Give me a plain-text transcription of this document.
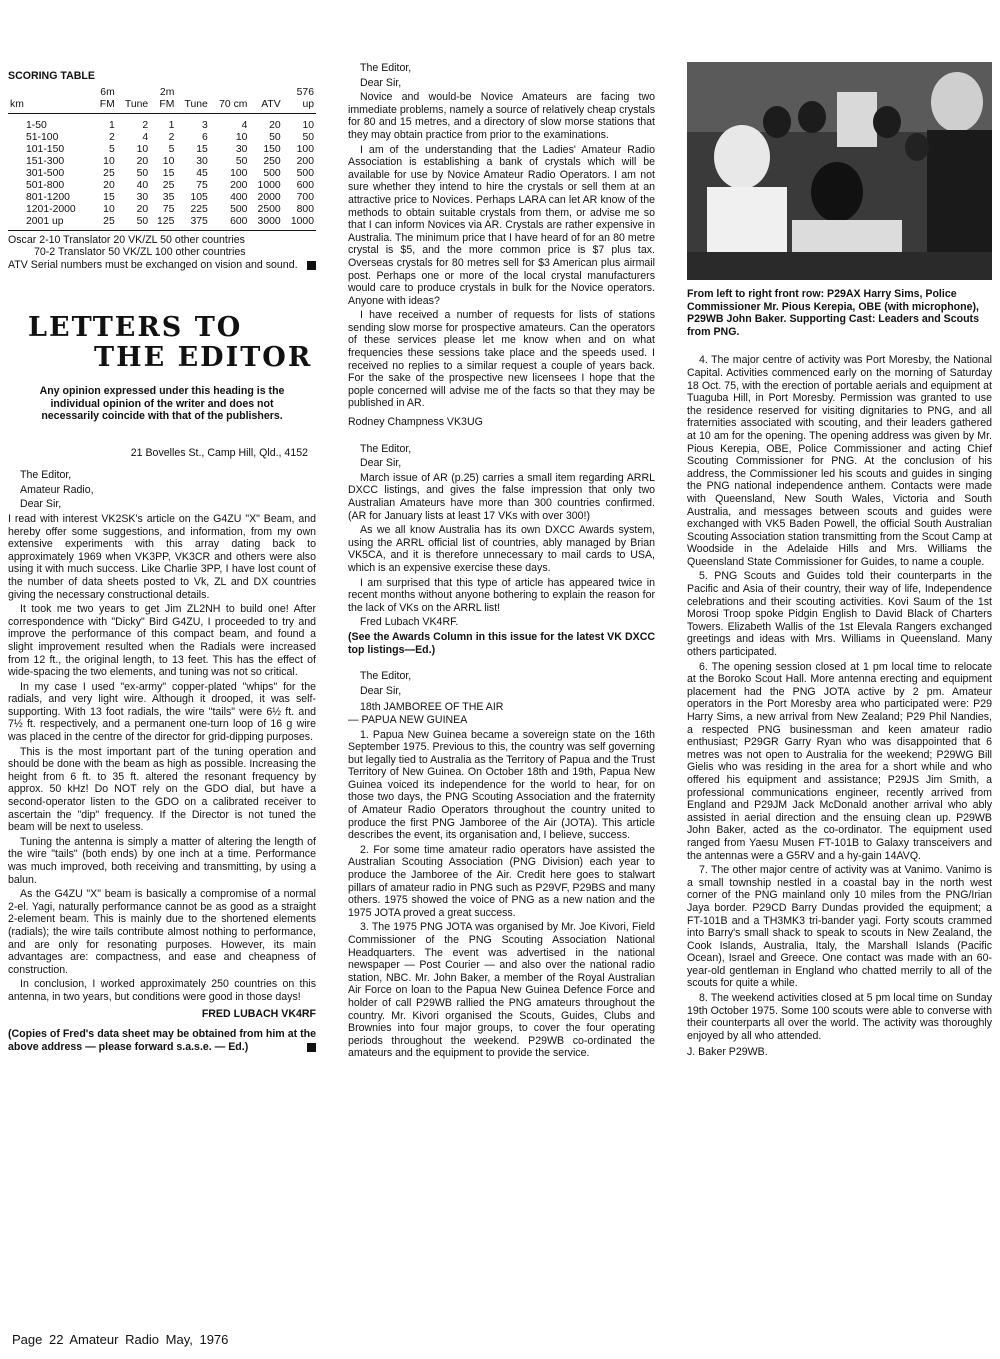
SCORING TABLE
	6m		2m				576
km	FM	Tune	FM	Tune	70 cm	ATV	up
1-50	1	2	1	3	4	20	10
51-100	2	4	2	6	10	50	50
101-150	5	10	5	15	30	150	100
151-300	10	20	10	30	50	250	200
301-500	25	50	15	45	100	500	500
501-800	20	40	25	75	200	1000	600
801-1200	15	30	35	105	400	2000	700
1201-2000	10	20	75	225	500	2500	800
2001 up	25	50	125	375	600	3000	1000
Oscar 2-10 Translator 20 VK/ZL 50 other countries
70-2 Translator 50 VK/ZL 100 other countries
ATV Serial numbers must be exchanged on vision and sound.
LETTERS TO
THE EDITOR
Any opinion expressed under this heading is the individual opinion of the writer and does not necessarily coincide with that of the publishers.

21 Bovelles St., Camp Hill, Qld., 4152

The Editor,

Amateur Radio,

Dear Sir,

I read with interest VK2SK's article on the G4ZU "X" Beam, and hereby offer some suggestions, and information, from my own extensive experiments with this array dating back to approximately 1969 when VK3PP, VK3CR and others were also using it with much success. Like Charlie 3PP, I have lost count of the number of data sheets posted to Vk, ZL and DX countries giving the necessary constructional details.

It took me two years to get Jim ZL2NH to build one! After correspondence with "Dicky" Bird G4ZU, I proceeded to try and improve the performance of this compact beam, and found a slight improvement resulted when the Radials were increased from 12 ft., the original length, to 13 feet. This has the effect of wide-spacing the two elements, and tuning was not so critical.

In my case I used "ex-army" copper-plated "whips" for the radials, and very light wire. Although it drooped, it was self-supporting. With 13 foot radials, the wire "tails" were 6½ ft. and 7½ ft. respectively, and a permanent one-turn loop of 16 g wire was placed in the centre of the director for grid-dipping purposes.

This is the most important part of the tuning operation and should be done with the beam as high as possible. Increasing the height from 6 ft. to 35 ft. altered the resonant frequency by approx. 50 kHz! Do NOT rely on the GDO dial, but have a second-operator listen to the GDO on a calibrated receiver to ascertain the "dip" frequency. If the Director is not tuned the beam will be next to useless.

Tuning the antenna is simply a matter of altering the length of the wire "tails" (both ends) by one inch at a time. Performance was much improved, both receiving and transmitting, by using a balun.

As the G4ZU "X" beam is basically a compromise of a normal 2-el. Yagi, naturally performance cannot be as good as a straight 2-element beam. This is mainly due to the shortened elements (radials); the wire tails contribute almost nothing to performance, and are only for resonating purposes. However, its main advantages are: compactness, and ease and cheapness of construction.

In conclusion, I worked approximately 250 countries on this antenna, in two years, but conditions were good in those days!

FRED LUBACH VK4RF

(Copies of Fred's data sheet may be obtained from him at the above address — please forward s.a.s.e. — Ed.)

The Editor,

Dear Sir,

Novice and would-be Novice Amateurs are facing two immediate problems, namely a source of relatively cheap crystals for 80 and 15 metres, and a directory of slow morse stations that they may obtain practice from prior to the examinations.

I am of the understanding that the Ladies' Amateur Radio Association is establishing a bank of crystals which will be available for use by Novice Amateur Radio Operators. I am not sure whether they intend to hire the crystals or sell them at an attractive price to Novices. Perhaps LARA can let AR know of the methods to obtain suitable crystals from them, or advise me so that I can inform Novices via AR. Crystals are rather expensive in Australia. The minimum price that I have heard of for an 80 metre crystal is $5, and the more common price is $7 plus tax. Overseas crystals for 80 metres sell for $3 American plus airmail post. Perhaps one or more of the local crystal manufacturers would care to produce crystals in bulk for the Novice operators. Anyone with ideas?

I have received a number of requests for lists of stations sending slow morse for prospective amateurs. Can the operators of these services please let me know when and on what frequencies these sessions take place and the speeds used. I received no replies to a similar request a couple of years back. For the sake of the prospective new licensees I hope that the pople concerned will advise me of the facts so that they may be published in AR.

Rodney Champness VK3UG

The Editor,

Dear Sir,

March issue of AR (p.25) carries a small item regarding ARRL DXCC listings, and gives the false impression that only two Australian Amateurs have more than 300 countries confirmed. (AR for January lists at least 17 VKs with over 300!)

As we all know Australia has its own DXCC Awards system, using the ARRL official list of countries, ably managed by Brian VK5CA, and it is therefore unnecessary to mail cards to USA, which is an expensive exercise these days.

I am surprised that this type of article has appeared twice in recent months without anyone bothering to explain the reason for the lack of VKs on the ARRL list!

Fred Lubach VK4RF.

(See the Awards Column in this issue for the latest VK DXCC top listings—Ed.)

The Editor,

Dear Sir,

18th JAMBOREE OF THE AIR — PAPUA NEW GUINEA

1. Papua New Guinea became a sovereign state on the 16th September 1975. Previous to this, the country was self governing but legally tied to Australia as the Territory of Papua and the Trust Territory of New Guinea. On October 18th and 19th, Papua New Guinea voiced its independence for the world to hear, for on those two days, the PNG Scouting Association and the fraternity of Amateur Radio Operators throughout the country united to produce the first PNG Jamboree of the Air (JOTA). This article describes the event, its organisation and, I believe, success.

2. For some time amateur radio operators have assisted the Australian Scouting Association (PNG Division) each year to produce the Jamboree of the Air. Credit here goes to stalwart pillars of amateur radio in PNG such as P29VF, P29BS and many others. 1975 showed the voice of PNG as a new nation and the 1975 JOTA proved a great success.

3. The 1975 PNG JOTA was organised by Mr. Joe Kivori, Field Commissioner of the PNG Scouting Association National Headquarters. The event was advertised in the national newspaper — Post Courier — and also over the national radio station, NBC. Mr. John Baker, a member of the Royal Australian Air Force on loan to the Papua New Guinea Defence Force and holder of call P29WB rallied the PNG amateurs throughout the country. Mr. Kivori organised the Scouts, Guides, Clubs and Brownies into four major groups, to cover the four operating periods throughout the weekend. P29WB co-ordinated the amateurs and the equipment to provide the service.

From left to right front row: P29AX Harry Sims, Police Commissioner Mr. Pious Kerepia, OBE (with microphone), P29WB John Baker. Supporting Cast: Leaders and Scouts from PNG.

4. The major centre of activity was Port Moresby, the National Capital. Activities commenced early on the morning of Saturday 18 Oct. 75, with the erection of portable aerials and equipment at Tuaguba Hill, in Port Moresby. Permission was granted to use the residence reserved for visiting dignitaries to PNG, and all fraternities associated with scouting, and their leaders gathered at 10 am for the opening. The opening address was given by Mr. Pious Kerepia, OBE, Police Commissioner and acting Chief Scouting Commissioner for PNG. At the conclusion of his address, the Commissioner led his scouts and guides in singing the PNG national independence anthem. Contacts were made with Queensland, New South Wales, Victoria and South Australia, and messages between scouts and guides were exchanged with VK5 Baden Powell, the official South Australian Scouting Association station transmitting from the Scout Camp at Woodside in the Adelaide Hills and Mrs. Williams the Queensland State Commissioner for Guides, to name a couple.

5. PNG Scouts and Guides told their counterparts in the Pacific and Asia of their country, their way of life, Independence celebrations and their scouting activities. Kovi Saum of the 1st Morosi Troop spoke Pidgin English to David Black of Charters Towers. Elizabeth Wallis of the 1st Elevala Rangers exchanged greetings and ideas with Mrs. Williams in Queensland. Many others participated.

6. The opening session closed at 1 pm local time to relocate at the Boroko Scout Hall. More antenna erecting and equipment placement had the PNG JOTA active by 2 pm. Amateur operators in the Port Moresby area who participated were: P29 Harry Sims, a new arrival from New Zealand; P29 Phil Nandies, a respected PNG businessman and keen amateur radio enthusiast; P29GR Garry Ryan who was disappointed that 6 metres was not open to Australia for the weekend; P29WG Bill Gielis who was residing in the area for a short while and who offered his equipment and assistance; P29JS Jim Smith, a professional communications engineer, recently arrived from England and P29JM Jack McDonald another arrival who ably assisted in aerial direction and the ensuing clean up. P29WB John Baker, acted as the co-ordinator. The equipment used ranged from Yaesu Musen FT-101B to Galaxy transceivers and the antennas were a G5RV and a hy-gain 14AVQ.

7. The other major centre of activity was at Vanimo. Vanimo is a small township nestled in a coastal bay in the north west corner of the PNG mainland only 10 miles from the PNG/Irian Jaya border. P29CD Barry Dundas provided the equipment; a FT-101B and a TH3MK3 tri-bander yagi. Forty scouts crammed into Barry's small shack to speak to scouts in New Zealand, the Cook Islands, Australia, Italy, the Marshall Islands (Pacific Ocean), Israel and Greece. One contact was made with an 60-year-old gentleman in England who chatted merrily to all of the scouts for quite a while.

8. The weekend activities closed at 5 pm local time on Sunday 19th October 1975. Some 100 scouts were able to converse with their counterparts all over the world. The activity was thoroughly enjoyed by all who attended.

J. Baker P29WB.

Page 22 Amateur Radio May, 1976
